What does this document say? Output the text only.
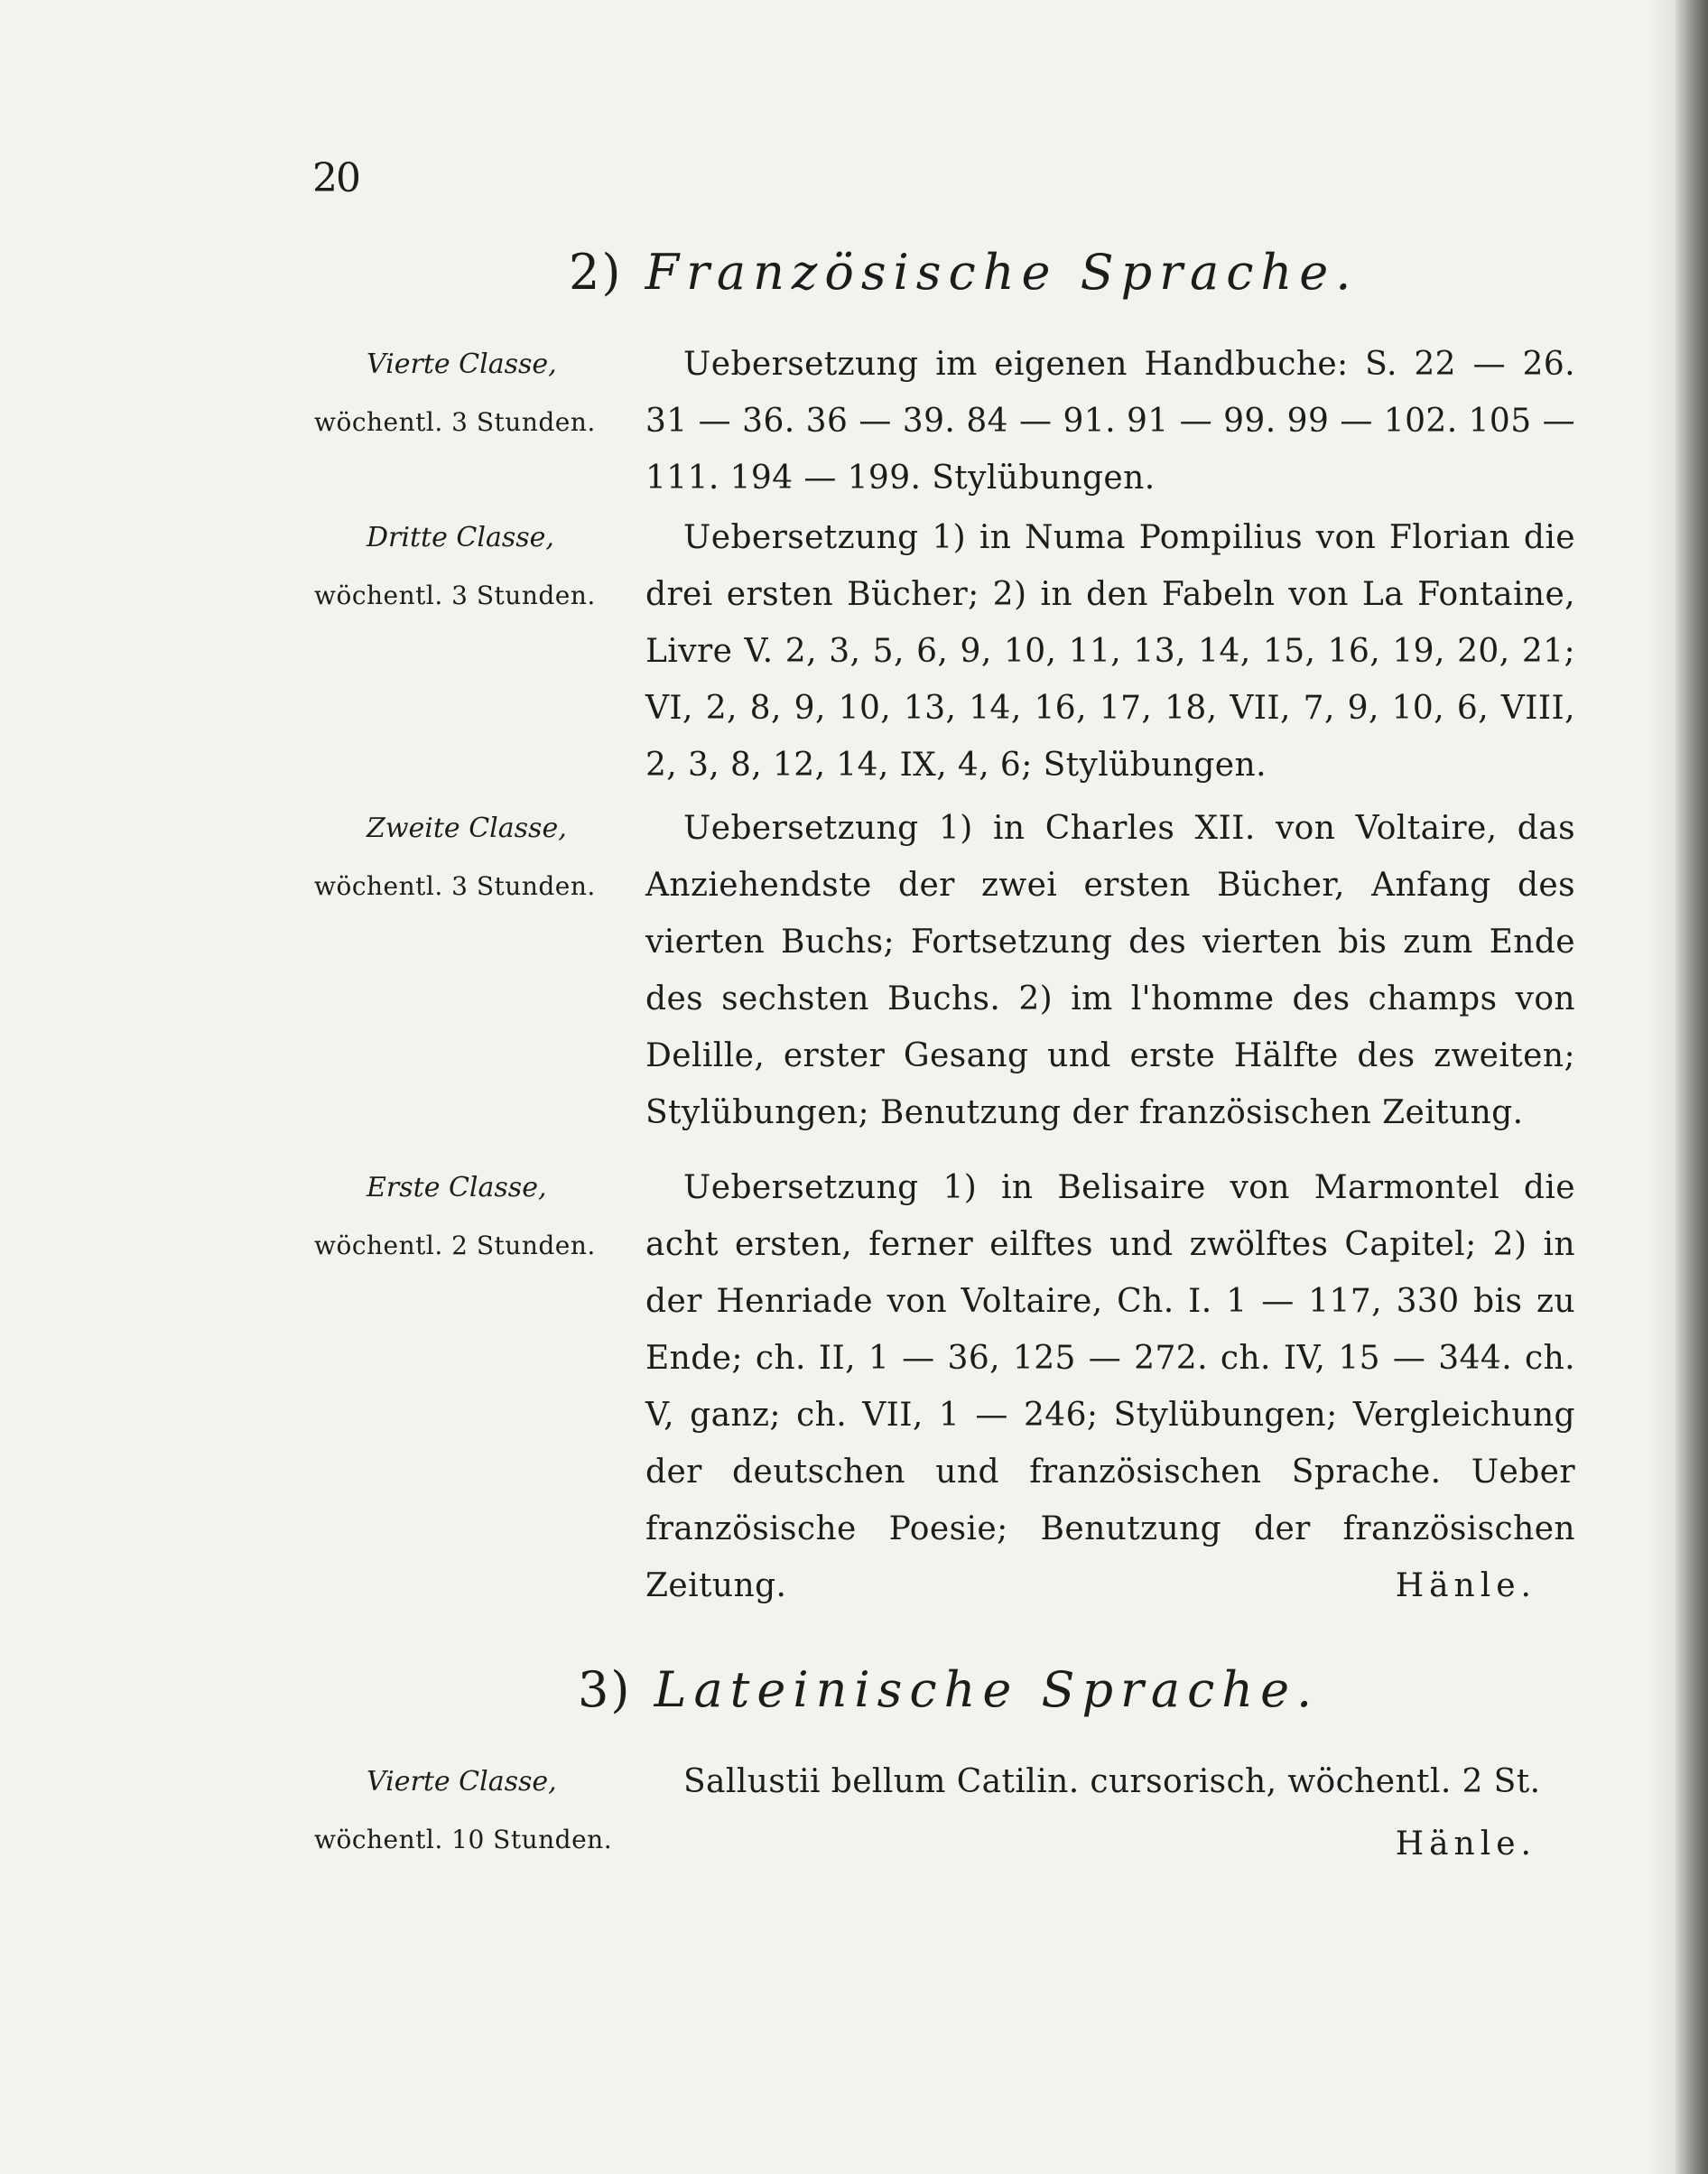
20
2) Französische Sprache.
Vierte Classe,
wöchentl. 3 Stunden.
Uebersetzung im eigenen Handbuche: S. 22 — 26. 31 — 36. 36 — 39. 84 — 91. 91 — 99. 99 — 102. 105 — 111. 194 — 199. Stylübungen.
Dritte Classe,
wöchentl. 3 Stunden.
Uebersetzung 1) in Numa Pompilius von Florian die drei ersten Bücher; 2) in den Fabeln von La Fontaine, Livre V. 2, 3, 5, 6, 9, 10, 11, 13, 14, 15, 16, 19, 20, 21; VI, 2, 8, 9, 10, 13, 14, 16, 17, 18, VII, 7, 9, 10, 6, VIII, 2, 3, 8, 12, 14, IX, 4, 6; Stylübungen.
Zweite Classe,
wöchentl. 3 Stunden.
Uebersetzung 1) in Charles XII. von Voltaire, das Anziehendste der zwei ersten Bücher, Anfang des vierten Buchs; Fortsetzung des vierten bis zum Ende des sechsten Buchs. 2) im l'homme des champs von Delille, erster Gesang und erste Hälfte des zweiten; Stylübungen; Benutzung der französischen Zeitung.
Erste Classe,
wöchentl. 2 Stunden.
Uebersetzung 1) in Belisaire von Marmontel die acht ersten, ferner eilftes und zwölftes Capitel; 2) in der Henriade von Voltaire, Ch. I. 1 — 117, 330 bis zu Ende; ch. II, 1 — 36, 125 — 272. ch. IV, 15 — 344. ch. V, ganz; ch. VII, 1 — 246; Stylübungen; Vergleichung der deutschen und französischen Sprache. Ueber französische Poesie; Benutzung der französischen Zeitung.	Hänle.
3) Lateinische Sprache.
Vierte Classe,
wöchentl. 10 Stunden.
Sallustii bellum Catilin. cursorisch, wöchentl. 2 St.
Hänle.
